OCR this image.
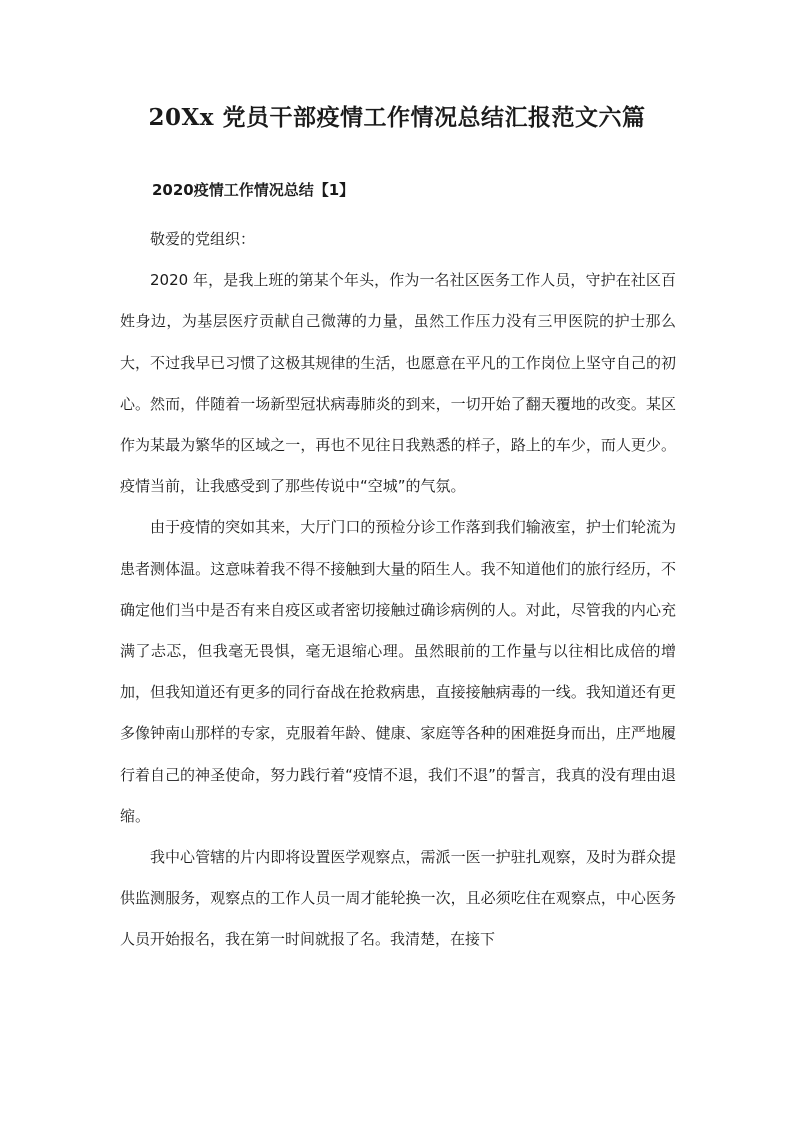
20Xx 党员干部疫情工作情况总结汇报范文六篇
2020疫情工作情况总结【1】

敬爱的党组织：

2020 年，是我上班的第某个年头，作为一名社区医务工作人员，守护在社区百姓身边，为基层医疗贡献自己微薄的力量，虽然工作压力没有三甲医院的护士那么大，不过我早已习惯了这极其规律的生活，也愿意在平凡的工作岗位上坚守自己的初心。然而，伴随着一场新型冠状病毒肺炎的到来，一切开始了翻天覆地的改变。某区作为某最为繁华的区域之一，再也不见往日我熟悉的样子，路上的车少，而人更少。疫情当前，让我感受到了那些传说中“空城”的气氛。

由于疫情的突如其来，大厅门口的预检分诊工作落到我们输液室，护士们轮流为患者测体温。这意味着我不得不接触到大量的陌生人。我不知道他们的旅行经历，不确定他们当中是否有来自疫区或者密切接触过确诊病例的人。对此，尽管我的内心充满了忐忑，但我毫无畏惧，毫无退缩心理。虽然眼前的工作量与以往相比成倍的增加，但我知道还有更多的同行奋战在抢救病患，直接接触病毒的一线。我知道还有更多像钟南山那样的专家，克服着年龄、健康、家庭等各种的困难挺身而出，庄严地履行着自己的神圣使命，努力践行着“疫情不退，我们不退”的誓言，我真的没有理由退缩。

我中心管辖的片内即将设置医学观察点，需派一医一护驻扎观察，及时为群众提供监测服务，观察点的工作人员一周才能轮换一次，且必须吃住在观察点，中心医务人员开始报名，我在第一时间就报了名。我清楚，在接下
